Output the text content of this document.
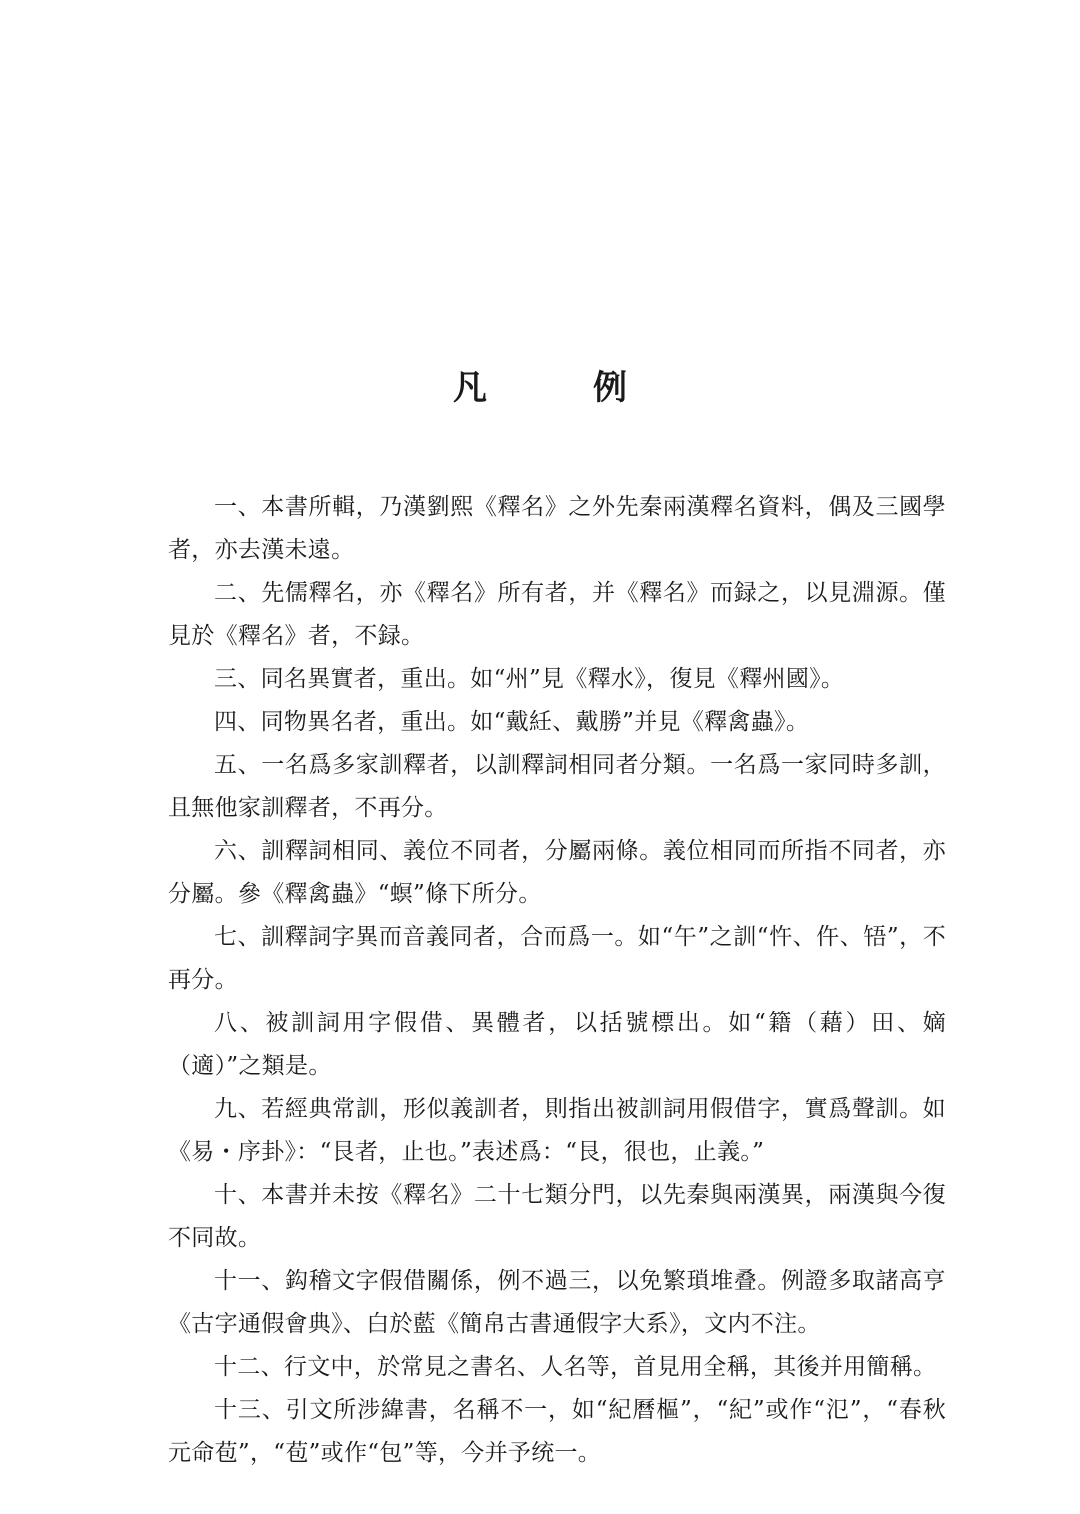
凡　例

一、本書所輯，乃漢劉熙《釋名》之外先秦兩漢釋名資料，偶及三國學者，亦去漢未遠。

二、先儒釋名，亦《釋名》所有者，并《釋名》而録之，以見淵源。僅見於《釋名》者，不録。

三、同名異實者，重出。如“州”見《釋水》，復見《釋州國》。

四、同物異名者，重出。如“戴紝、戴勝”并見《釋禽蟲》。

五、一名爲多家訓釋者，以訓釋詞相同者分類。一名爲一家同時多訓，且無他家訓釋者，不再分。

六、訓釋詞相同、義位不同者，分屬兩條。義位相同而所指不同者，亦分屬。參《釋禽蟲》“螟”條下所分。

七、訓釋詞字異而音義同者，合而爲一。如“午”之訓“忤、仵、啎”，不再分。

八、被訓詞用字假借、異體者，以括號標出。如“籍（藉）田、嫡（適）”之類是。

九、若經典常訓，形似義訓者，則指出被訓詞用假借字，實爲聲訓。如《易・序卦》：“艮者，止也。”表述爲：“艮，很也，止義。”

十、本書并未按《釋名》二十七類分門，以先秦與兩漢異，兩漢與今復不同故。

十一、鈎稽文字假借關係，例不過三，以免繁瑣堆叠。例證多取諸高亨《古字通假會典》、白於藍《簡帛古書通假字大系》，文内不注。

十二、行文中，於常見之書名、人名等，首見用全稱，其後并用簡稱。

十三、引文所涉緯書，名稱不一，如“紀曆樞”，“紀”或作“氾”，“春秋元命苞”，“苞”或作“包”等，今并予统一。
